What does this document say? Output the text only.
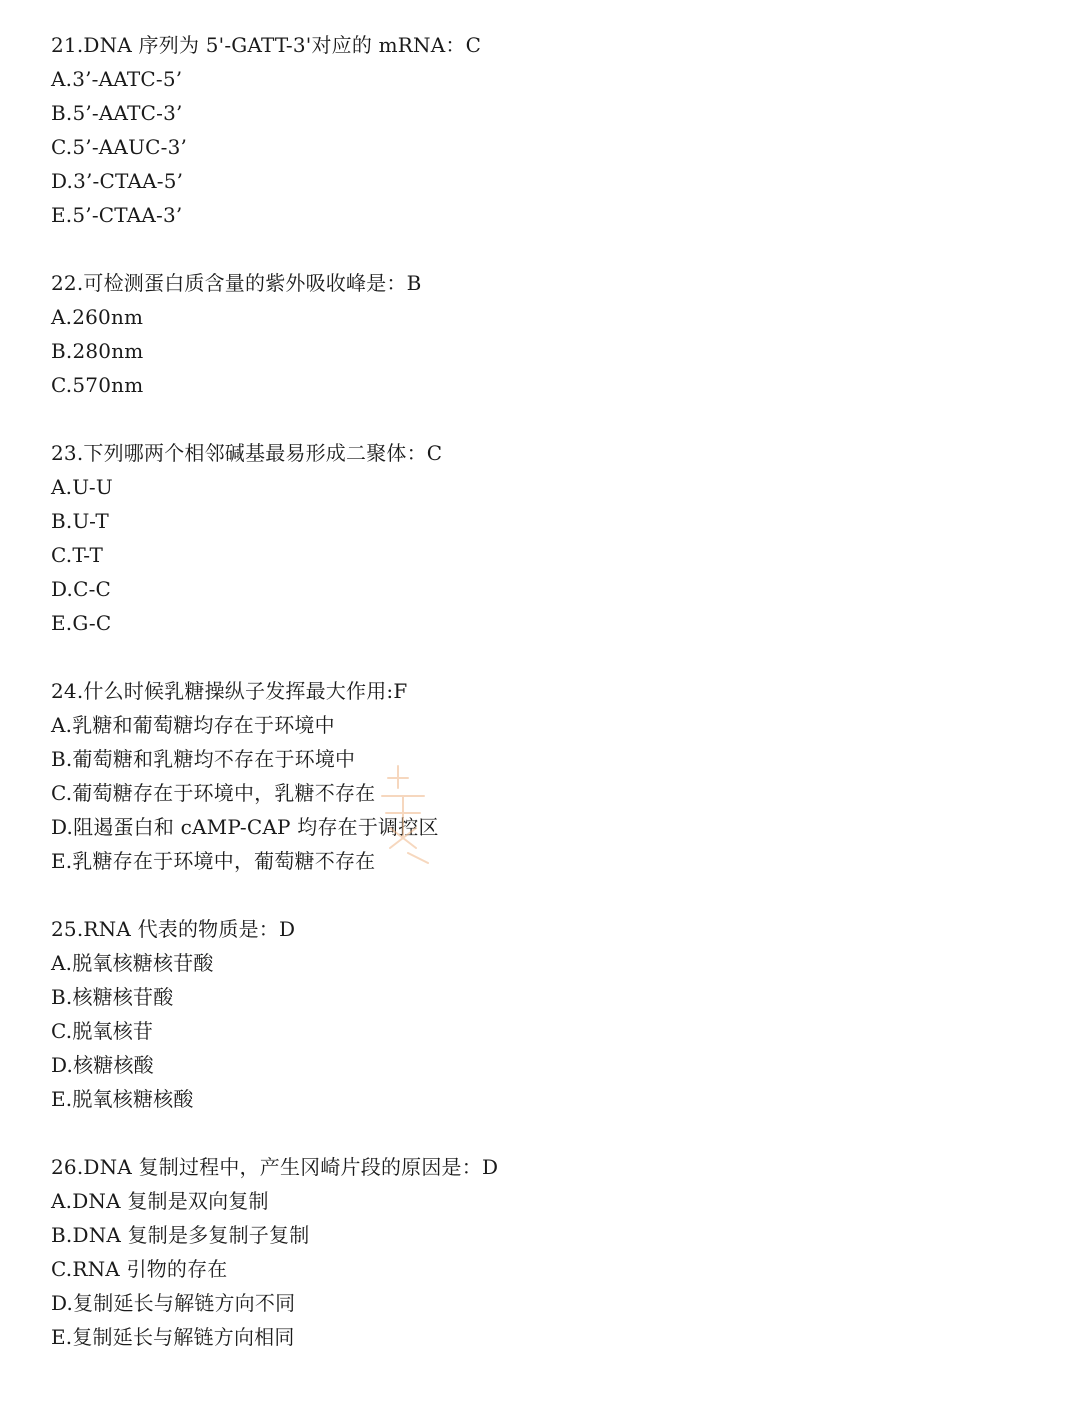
21.DNA 序列为 5'-GATT-3'对应的 mRNA：C
A.3’-AATC-5’
B.5’-AATC-3’
C.5’-AAUC-3’
D.3’-CTAA-5’
E.5’-CTAA-3’
22.可检测蛋白质含量的紫外吸收峰是：B
A.260nm
B.280nm
C.570nm
23.下列哪两个相邻碱基最易形成二聚体：C
A.U-U
B.U-T
C.T-T
D.C-C
E.G-C
24.什么时候乳糖操纵子发挥最大作用:F
A.乳糖和葡萄糖均存在于环境中
B.葡萄糖和乳糖均不存在于环境中
C.葡萄糖存在于环境中，乳糖不存在
D.阻遏蛋白和 cAMP-CAP 均存在于调控区
E.乳糖存在于环境中，葡萄糖不存在
25.RNA 代表的物质是：D
A.脱氧核糖核苷酸
B.核糖核苷酸
C.脱氧核苷
D.核糖核酸
E.脱氧核糖核酸
26.DNA 复制过程中，产生冈崎片段的原因是：D
A.DNA 复制是双向复制
B.DNA 复制是多复制子复制
C.RNA 引物的存在
D.复制延长与解链方向不同
E.复制延长与解链方向相同
